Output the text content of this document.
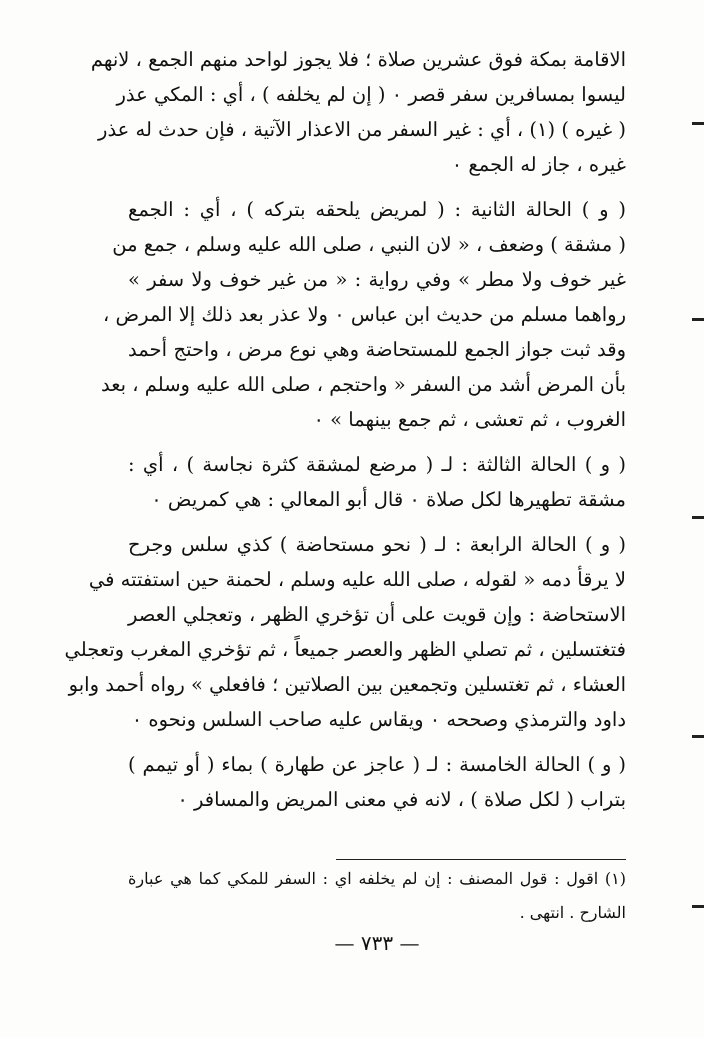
الاقامة بمكة فوق عشرين صلاة ؛ فلا يجوز لواحد منهم الجمع ، لانهم
ليسوا بمسافرين سفر قصر ٠ ( إن لم يخلفه ) ، أي : المكي عذر
( غيره ) (١) ، أي : غير السفر من الاعذار الآتية ، فإن حدث له عذر
غيره ، جاز له الجمع ٠
( و ) الحالة الثانية : ( لمريض يلحقه بتركه ) ، أي : الجمع
( مشقة ) وضعف ، « لان النبي ، صلى الله عليه وسلم ، جمع من
غير خوف ولا مطر » وفي رواية : « من غير خوف ولا سفر »
رواهما مسلم من حديث ابن عباس ٠ ولا عذر بعد ذلك إلا المرض ،
وقد ثبت جواز الجمع للمستحاضة وهي نوع مرض ، واحتج أحمد
بأن المرض أشد من السفر « واحتجم ، صلى الله عليه وسلم ، بعد
الغروب ، ثم تعشى ، ثم جمع بينهما » ٠
( و ) الحالة الثالثة : لـ ( مرضع لمشقة كثرة نجاسة ) ، أي :
مشقة تطهيرها لكل صلاة ٠ قال أبو المعالي : هي كمريض ٠
( و ) الحالة الرابعة : لـ ( نحو مستحاضة ) كذي سلس وجرح
لا يرقأ دمه « لقوله ، صلى الله عليه وسلم ، لحمنة حين استفتته في
الاستحاضة : وإن قويت على أن تؤخري الظهر ، وتعجلي العصر
فتغتسلين ، ثم تصلي الظهر والعصر جميعاً ، ثم تؤخري المغرب وتعجلي
العشاء ، ثم تغتسلين وتجمعين بين الصلاتين ؛ فافعلي » رواه أحمد وابو
داود والترمذي وصححه ٠ ويقاس عليه صاحب السلس ونحوه ٠
( و ) الحالة الخامسة : لـ ( عاجز عن طهارة ) بماء ( أو تيمم )
بتراب ( لكل صلاة ) ، لانه في معنى المريض والمسافر ٠
(١) اقول : قول المصنف : إن لم يخلفه اي : السفر للمكي كما هي عبارة
الشارح . انتهى .
— ٧٣٣ —
